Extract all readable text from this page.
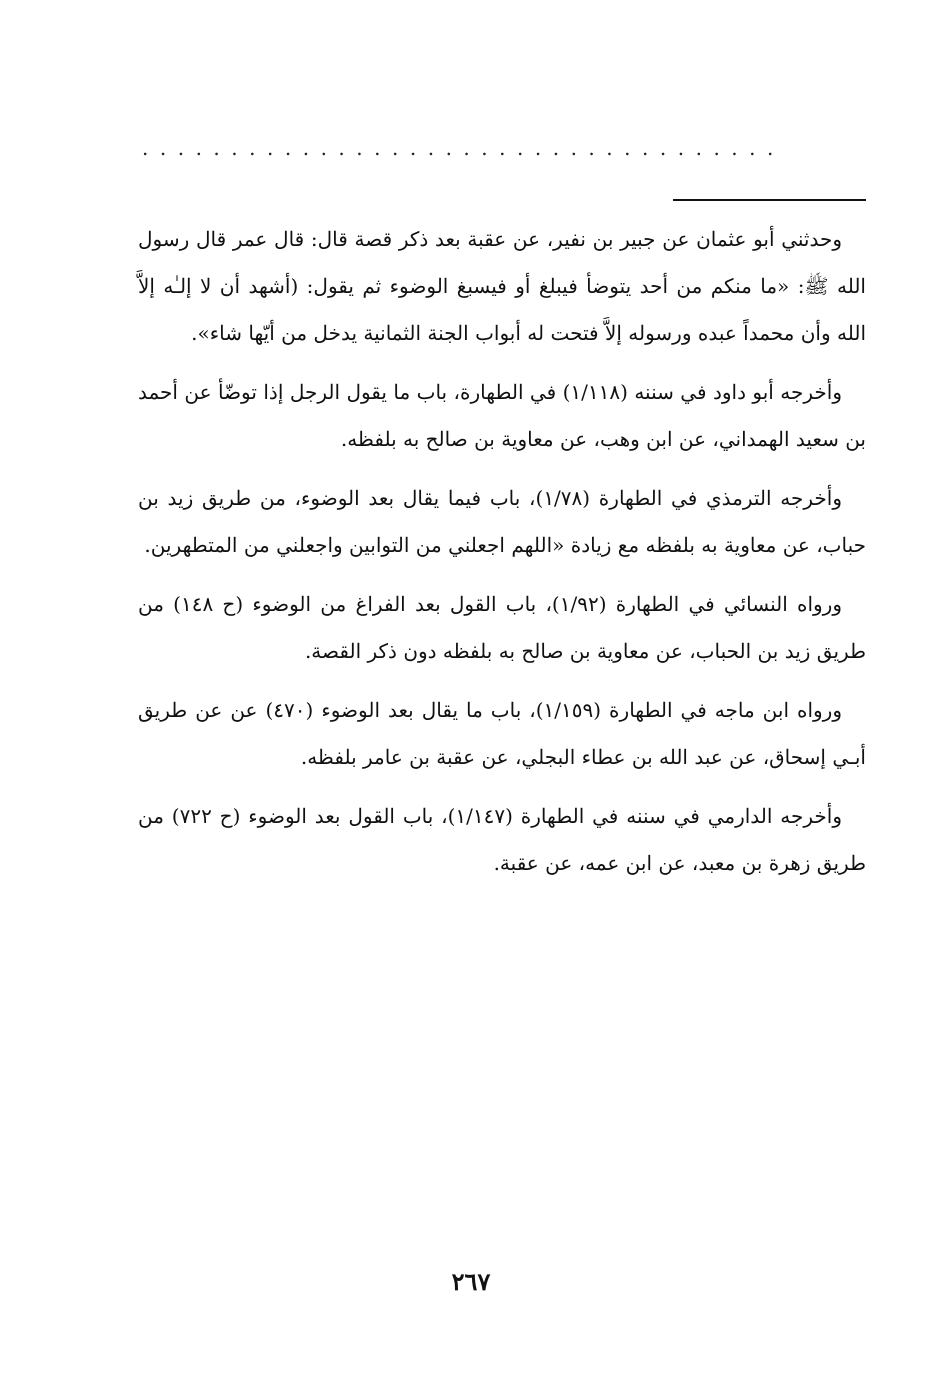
....................................

وحدثني أبو عثمان عن جبير بن نفير، عن عقبة بعد ذكر قصة قال: قال عمر قال رسول الله ﷺ: «ما منكم من أحد يتوضأ فيبلغ أو فيسبغ الوضوء ثم يقول: (أشهد أن لا إلـٰه إلاَّ الله وأن محمداً عبده ورسوله إلاَّ فتحت له أبواب الجنة الثمانية يدخل من أيّها شاء».

وأخرجه أبو داود في سننه (١/١١٨) في الطهارة، باب ما يقول الرجل إذا توضّأ عن أحمد بن سعيد الهمداني، عن ابن وهب، عن معاوية بن صالح به بلفظه.

وأخرجه الترمذي في الطهارة (١/٧٨)، باب فيما يقال بعد الوضوء، من طريق زيد بن حباب، عن معاوية به بلفظه مع زيادة «اللهم اجعلني من التوابين واجعلني من المتطهرين.

ورواه النسائي في الطهارة (١/٩٢)، باب القول بعد الفراغ من الوضوء (ح ١٤٨) من طريق زيد بن الحباب، عن معاوية بن صالح به بلفظه دون ذكر القصة.

ورواه ابن ماجه في الطهارة (١/١٥٩)، باب ما يقال بعد الوضوء (٤٧٠) عن عن طريق أبـي إسحاق، عن عبد الله بن عطاء البجلي، عن عقبة بن عامر بلفظه.

وأخرجه الدارمي في سننه في الطهارة (١/١٤٧)، باب القول بعد الوضوء (ح ٧٢٢) من طريق زهرة بن معبد، عن ابن عمه، عن عقبة.

٢٦٧
